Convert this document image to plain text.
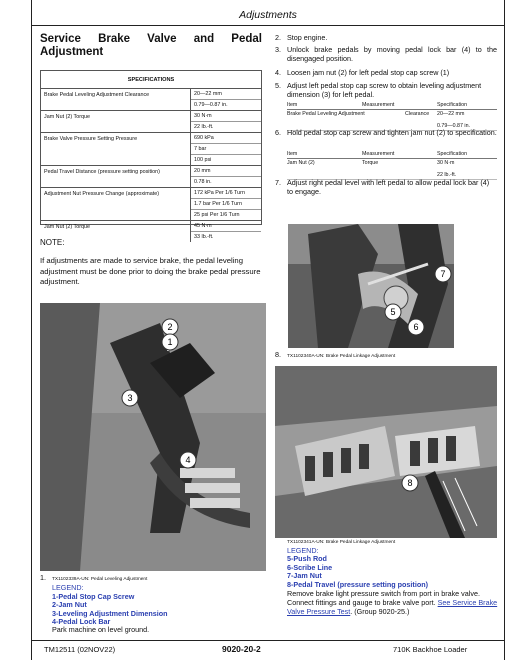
Adjustments
Service Brake Valve and Pedal
Adjustment
SPECIFICATIONS
Brake Pedal Leveling Adjustment Clearance	20—22 mm
0.79—0.87 in.
Jam Nut (2) Torque	30 N·m
22 lb.-ft.
Brake Valve Pressure Setting Pressure	690 kPa
7 bar
100 psi
Pedal Travel Distance (pressure setting position)	20 mm
0.78 in.
Adjustment Nut Pressure Change (approximate)	172 kPa Per 1/6 Turn
1.7 bar Per 1/6 Turn
25 psi Per 1/6 Turn
Jam Nut (2) Torque	45 N·m
33 lb.-ft.
NOTE:
If adjustments are made to service brake, the pedal leveling adjustment must be done prior to doing the brake pedal pressure adjustment.
2. Stop engine.
3. Unlock brake pedals by moving pedal lock bar (4) to the disengaged position.
4. Loosen jam nut (2) for left pedal stop cap screw (1)
5. Adjust left pedal stop cap screw to obtain leveling adjustment dimension (3) for left pedal.
Item	Measurement	Specification
Brake Pedal Leveling Adjustment	Clearance	20—22 mm

0.79—0.87 in.
6. Hold pedal stop cap screw and tighten jam nut (2) to specification.
Item	Measurement	Specification
Jam Nut (2)	Torque	30 N·m

22 lb.-ft.
7. Adjust right pedal level with left pedal to allow pedal lock bar (4) to engage.
7
5
6
8. TX1102340A-UN: Brake Pedal Linkage Adjustment
8
TX1102341A-UN: Brake Pedal Linkage Adjustment
LEGEND:
5-Push Rod
6-Scribe Line
7-Jam Nut
8-Pedal Travel (pressure setting position)
Remove brake light pressure switch from port in brake valve. Connect fittings and gauge to brake valve port. See Service Brake Valve Pressure Test. (Group 9020-25.)
2
1
3
4
1.	TX1102339A-UN: Pedal Leveling Adjustment
LEGEND:
1-Pedal Stop Cap Screw
2-Jam Nut
3-Leveling Adjustment Dimension
4-Pedal Lock Bar
Park machine on level ground.
TM12511 (02NOV22)	9020-20-2	710K Backhoe Loader
